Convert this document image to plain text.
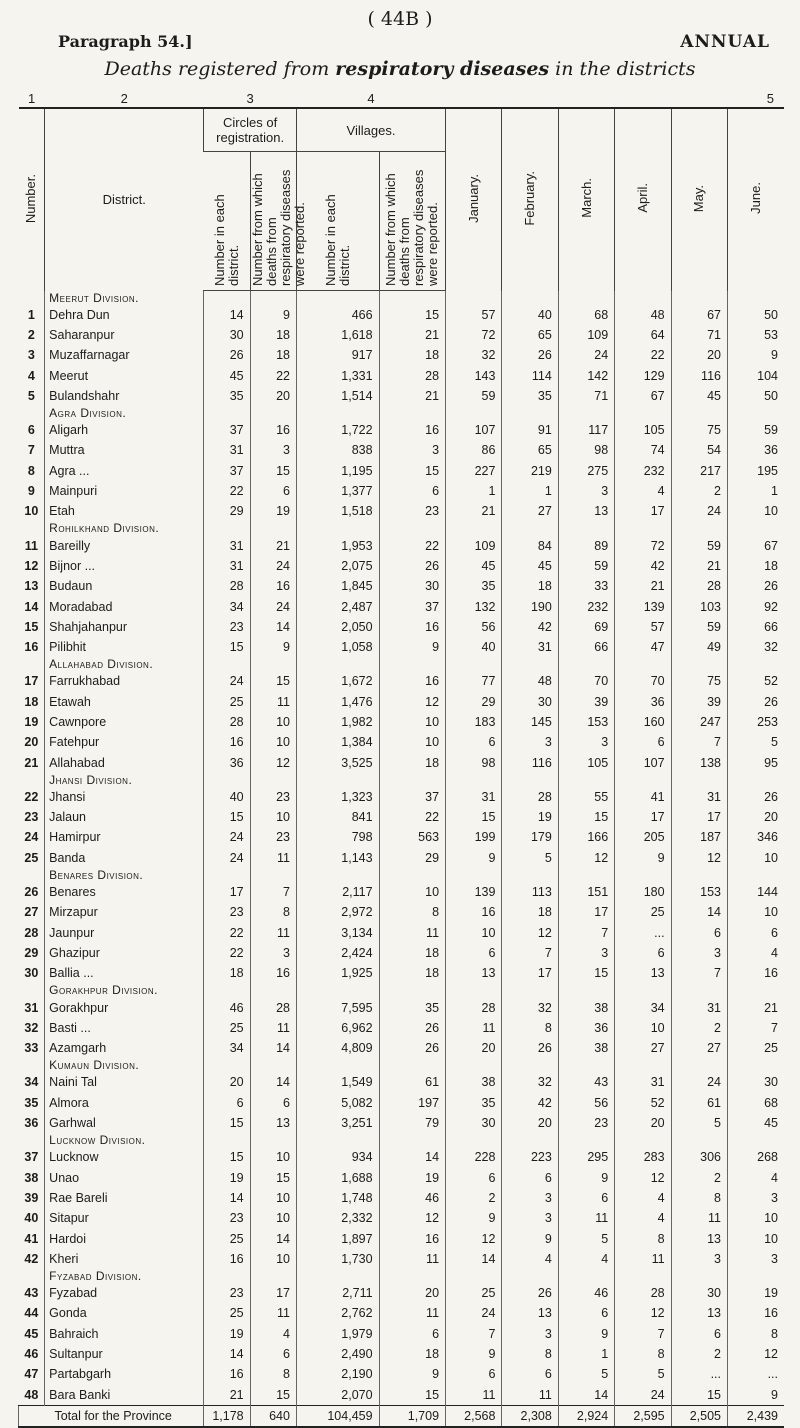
( 44B )
Paragraph 54.]	ANNUAL
Deaths registered from respiratory diseases in the districts
1	2	3		4			5				
Number.	District.	Circles of registration.		Villages.		January.	February.	March.	April.	May.	June.
		Number in each district.	Number from which deaths from respiratory diseases were reported.	Number in each district.	Number from which deaths from respiratory diseases were reported.						
	Meerut Division.										
1	Dehra Dun	14	9	466	15	57	40	68	48	67	50
2	Saharanpur	30	18	1,618	21	72	65	109	64	71	53
3	Muzaffarnagar	26	18	917	18	32	26	24	22	20	9
4	Meerut	45	22	1,331	28	143	114	142	129	116	104
5	Bulandshahr	35	20	1,514	21	59	35	71	67	45	50
	Agra Division.										
6	Aligarh	37	16	1,722	16	107	91	117	105	75	59
7	Muttra	31	3	838	3	86	65	98	74	54	36
8	Agra ...	37	15	1,195	15	227	219	275	232	217	195
9	Mainpuri	22	6	1,377	6	1	1	3	4	2	1
10	Etah	29	19	1,518	23	21	27	13	17	24	10
	Rohilkhand Division.										
11	Bareilly	31	21	1,953	22	109	84	89	72	59	67
12	Bijnor ...	31	24	2,075	26	45	45	59	42	21	18
13	Budaun	28	16	1,845	30	35	18	33	21	28	26
14	Moradabad	34	24	2,487	37	132	190	232	139	103	92
15	Shahjahanpur	23	14	2,050	16	56	42	69	57	59	66
16	Pilibhit	15	9	1,058	9	40	31	66	47	49	32
	Allahabad Division.										
17	Farrukhabad	24	15	1,672	16	77	48	70	70	75	52
18	Etawah	25	11	1,476	12	29	30	39	36	39	26
19	Cawnpore	28	10	1,982	10	183	145	153	160	247	253
20	Fatehpur	16	10	1,384	10	6	3	3	6	7	5
21	Allahabad	36	12	3,525	18	98	116	105	107	138	95
	Jhansi Division.										
22	Jhansi	40	23	1,323	37	31	28	55	41	31	26
23	Jalaun	15	10	841	22	15	19	15	17	17	20
24	Hamirpur	24	23	798	563	199	179	166	205	187	346
25	Banda	24	11	1,143	29	9	5	12	9	12	10
	Benares Division.										
26	Benares	17	7	2,117	10	139	113	151	180	153	144
27	Mirzapur	23	8	2,972	8	16	18	17	25	14	10
28	Jaunpur	22	11	3,134	11	10	12	7	...	6	6
29	Ghazipur	22	3	2,424	18	6	7	3	6	3	4
30	Ballia ...	18	16	1,925	18	13	17	15	13	7	16
	Gorakhpur Division.										
31	Gorakhpur	46	28	7,595	35	28	32	38	34	31	21
32	Basti ...	25	11	6,962	26	11	8	36	10	2	7
33	Azamgarh	34	14	4,809	26	20	26	38	27	27	25
	Kumaun Division.										
34	Naini Tal	20	14	1,549	61	38	32	43	31	24	30
35	Almora	6	6	5,082	197	35	42	56	52	61	68
36	Garhwal	15	13	3,251	79	30	20	23	20	5	45
	Lucknow Division.										
37	Lucknow	15	10	934	14	228	223	295	283	306	268
38	Unao	19	15	1,688	19	6	6	9	12	2	4
39	Rae Bareli	14	10	1,748	46	2	3	6	4	8	3
40	Sitapur	23	10	2,332	12	9	3	11	4	11	10
41	Hardoi	25	14	1,897	16	12	9	5	8	13	10
42	Kheri	16	10	1,730	11	14	4	4	11	3	3
	Fyzabad Division.										
43	Fyzabad	23	17	2,711	20	25	26	46	28	30	19
44	Gonda	25	11	2,762	11	24	13	6	12	13	16
45	Bahraich	19	4	1,979	6	7	3	9	7	6	8
46	Sultanpur	14	6	2,490	18	9	8	1	8	2	12
47	Partabgarh	16	8	2,190	9	6	6	5	5	...	...
48	Bara Banki	21	15	2,070	15	11	11	14	24	15	9
Total for the Province		1,178	640	104,459	1,709	2,568	2,308	2,924	2,595	2,505	2,439
